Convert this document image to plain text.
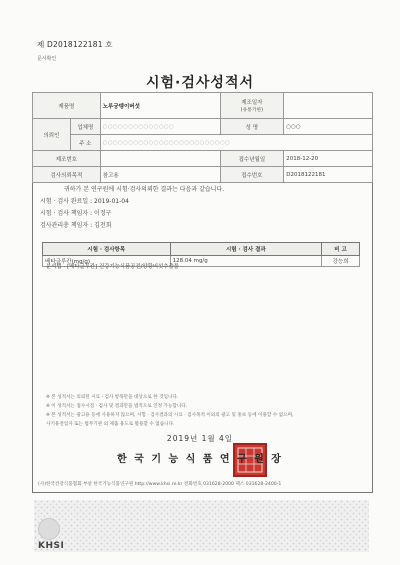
제 D2018122181 호
문서확인
시험·검사성적서
제품명		노루궁뎅이버섯	제조일자
(유통기한)	

의뢰인	업체명	○○○○○○○○○○○○○○	성 명	○○○
	주 소	○○○○○○○○○○○○○○○○○○○○○○○○○		
제조번호			접수년월일	2018-12-20
검사의뢰목적		참고용	접수번호	D2018122181
귀하가 본 연구원에 시험·검사의뢰한 결과는 다음과 같습니다.
시험 · 검사 완료일 : 2019-01-04
시험 · 검사 책임자 : 이정구
검사관리총 책임자 : 김천회
시험 · 검사항목	시험 · 검사 결과	비 고
베타글루칸(mg/g)	128.04 mg/g	강능희
분석법 - [베타글루칸] 건강기능식품공전/양황버섯추출물
※ 본 성적서는 의뢰된 시료 · 검사 항목만을 대상으로 한 것입니다.
※ 이 성적서는 접수시점 · 검사 및 결과만을 법적으로 인정 가능합니다.
※ 본 성적서는 광고용 등에 사용하지 않으며, 시험 · 검사결과의 시료 · 검사목적 이외의 광고 및 홍보 등에 이용할 수 없으며,
사기용전업자 또는 법무기관 외 제출 용도로 활용할 수 없습니다.
2019년 1월 4일
한 국 기 능 식 품 연 구 원 장
(사)한국건강식품협회 부설 한국기능식품연구원 http://www.khsi.re.kr 전화번호 031628-2000 팩스 031628-2400-1
KHSI
